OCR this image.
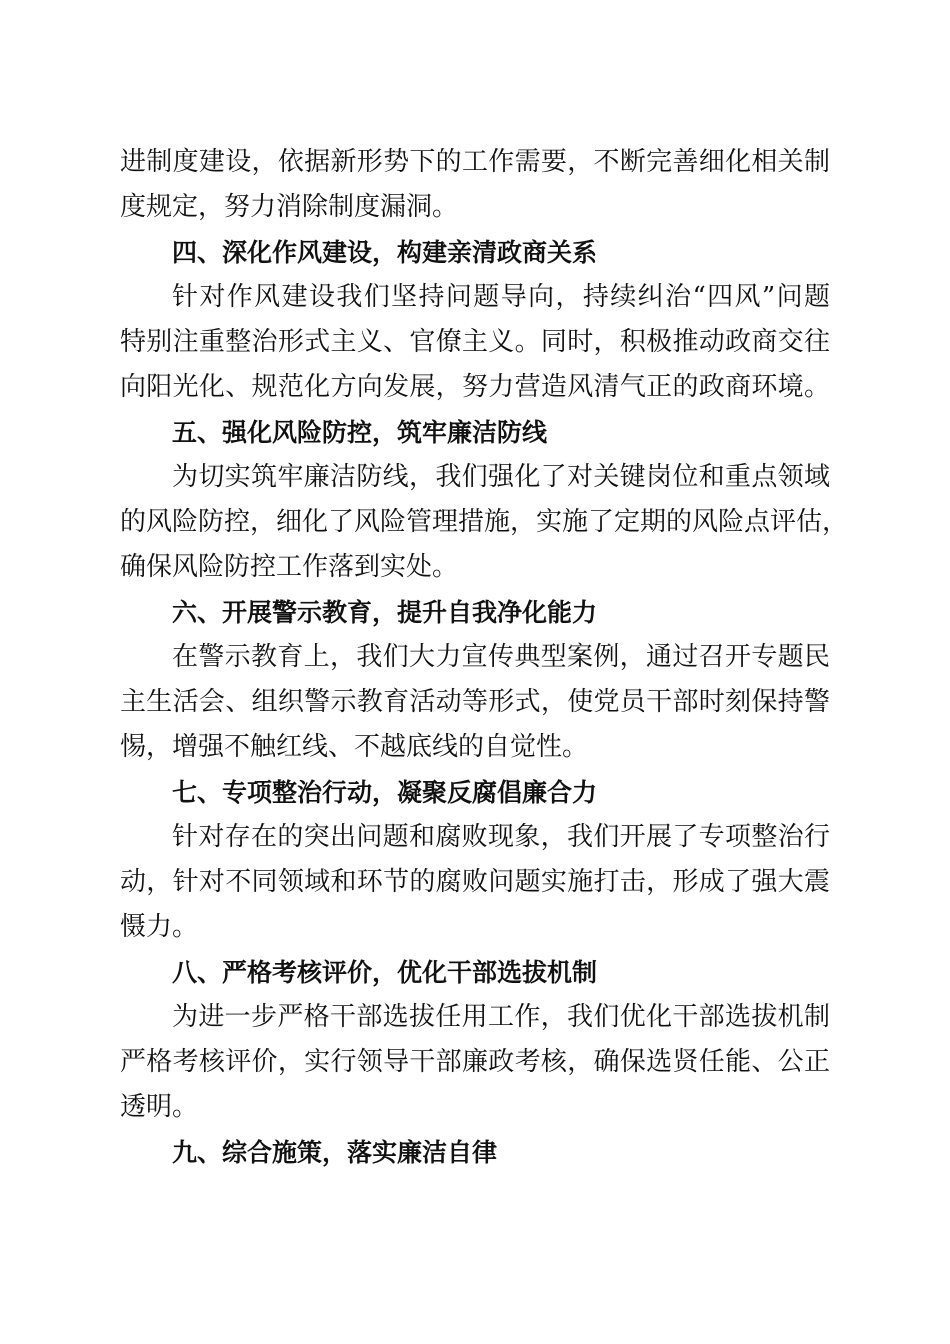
进制度建设，依据新形势下的工作需要，不断完善细化相关制
度规定，努力消除制度漏洞。
四、深化作风建设，构建亲清政商关系
针对作风建设我们坚持问题导向，持续纠治“四风”问题
特别注重整治形式主义、官僚主义。同时，积极推动政商交往
向阳光化、规范化方向发展，努力营造风清气正的政商环境。
五、强化风险防控，筑牢廉洁防线
为切实筑牢廉洁防线，我们强化了对关键岗位和重点领域
的风险防控，细化了风险管理措施，实施了定期的风险点评估，
确保风险防控工作落到实处。
六、开展警示教育，提升自我净化能力
在警示教育上，我们大力宣传典型案例，通过召开专题民
主生活会、组织警示教育活动等形式，使党员干部时刻保持警
惕，增强不触红线、不越底线的自觉性。
七、专项整治行动，凝聚反腐倡廉合力
针对存在的突出问题和腐败现象，我们开展了专项整治行
动，针对不同领域和环节的腐败问题实施打击，形成了强大震
慑力。
八、严格考核评价，优化干部选拔机制
为进一步严格干部选拔任用工作，我们优化干部选拔机制
严格考核评价，实行领导干部廉政考核，确保选贤任能、公正
透明。
九、综合施策，落实廉洁自律
